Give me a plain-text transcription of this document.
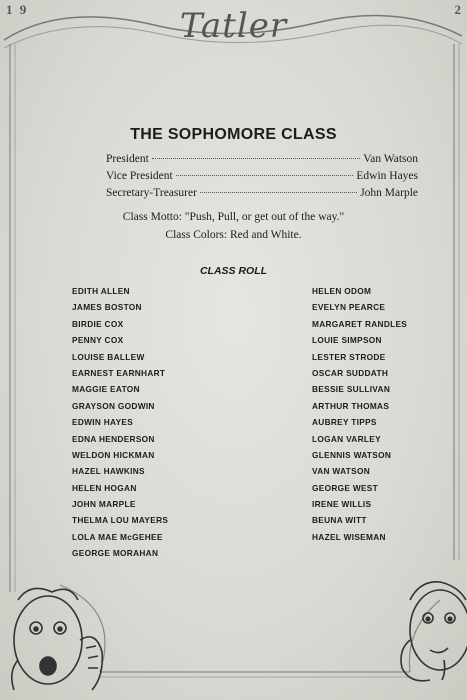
1 9	2
Tatler
THE SOPHOMORE CLASS
President	Van Watson
Vice President	Edwin Hayes
Secretary-Treasurer	John Marple
Class Motto: "Push, Pull, or get out of the way."
Class Colors: Red and White.
CLASS ROLL
EDITH ALLEN
JAMES BOSTON
BIRDIE COX
PENNY COX
LOUISE BALLEW
EARNEST EARNHART
MAGGIE EATON
GRAYSON GODWIN
EDWIN HAYES
EDNA HENDERSON
WELDON HICKMAN
HAZEL HAWKINS
HELEN HOGAN
JOHN MARPLE
THELMA LOU MAYERS
LOLA MAE McGEHEE
GEORGE MORAHAN
HELEN ODOM
EVELYN PEARCE
MARGARET RANDLES
LOUIE SIMPSON
LESTER STRODE
OSCAR SUDDATH
BESSIE SULLIVAN
ARTHUR THOMAS
AUBREY TIPPS
LOGAN VARLEY
GLENNIS WATSON
VAN WATSON
GEORGE WEST
IRENE WILLIS
BEUNA WITT
HAZEL WISEMAN
